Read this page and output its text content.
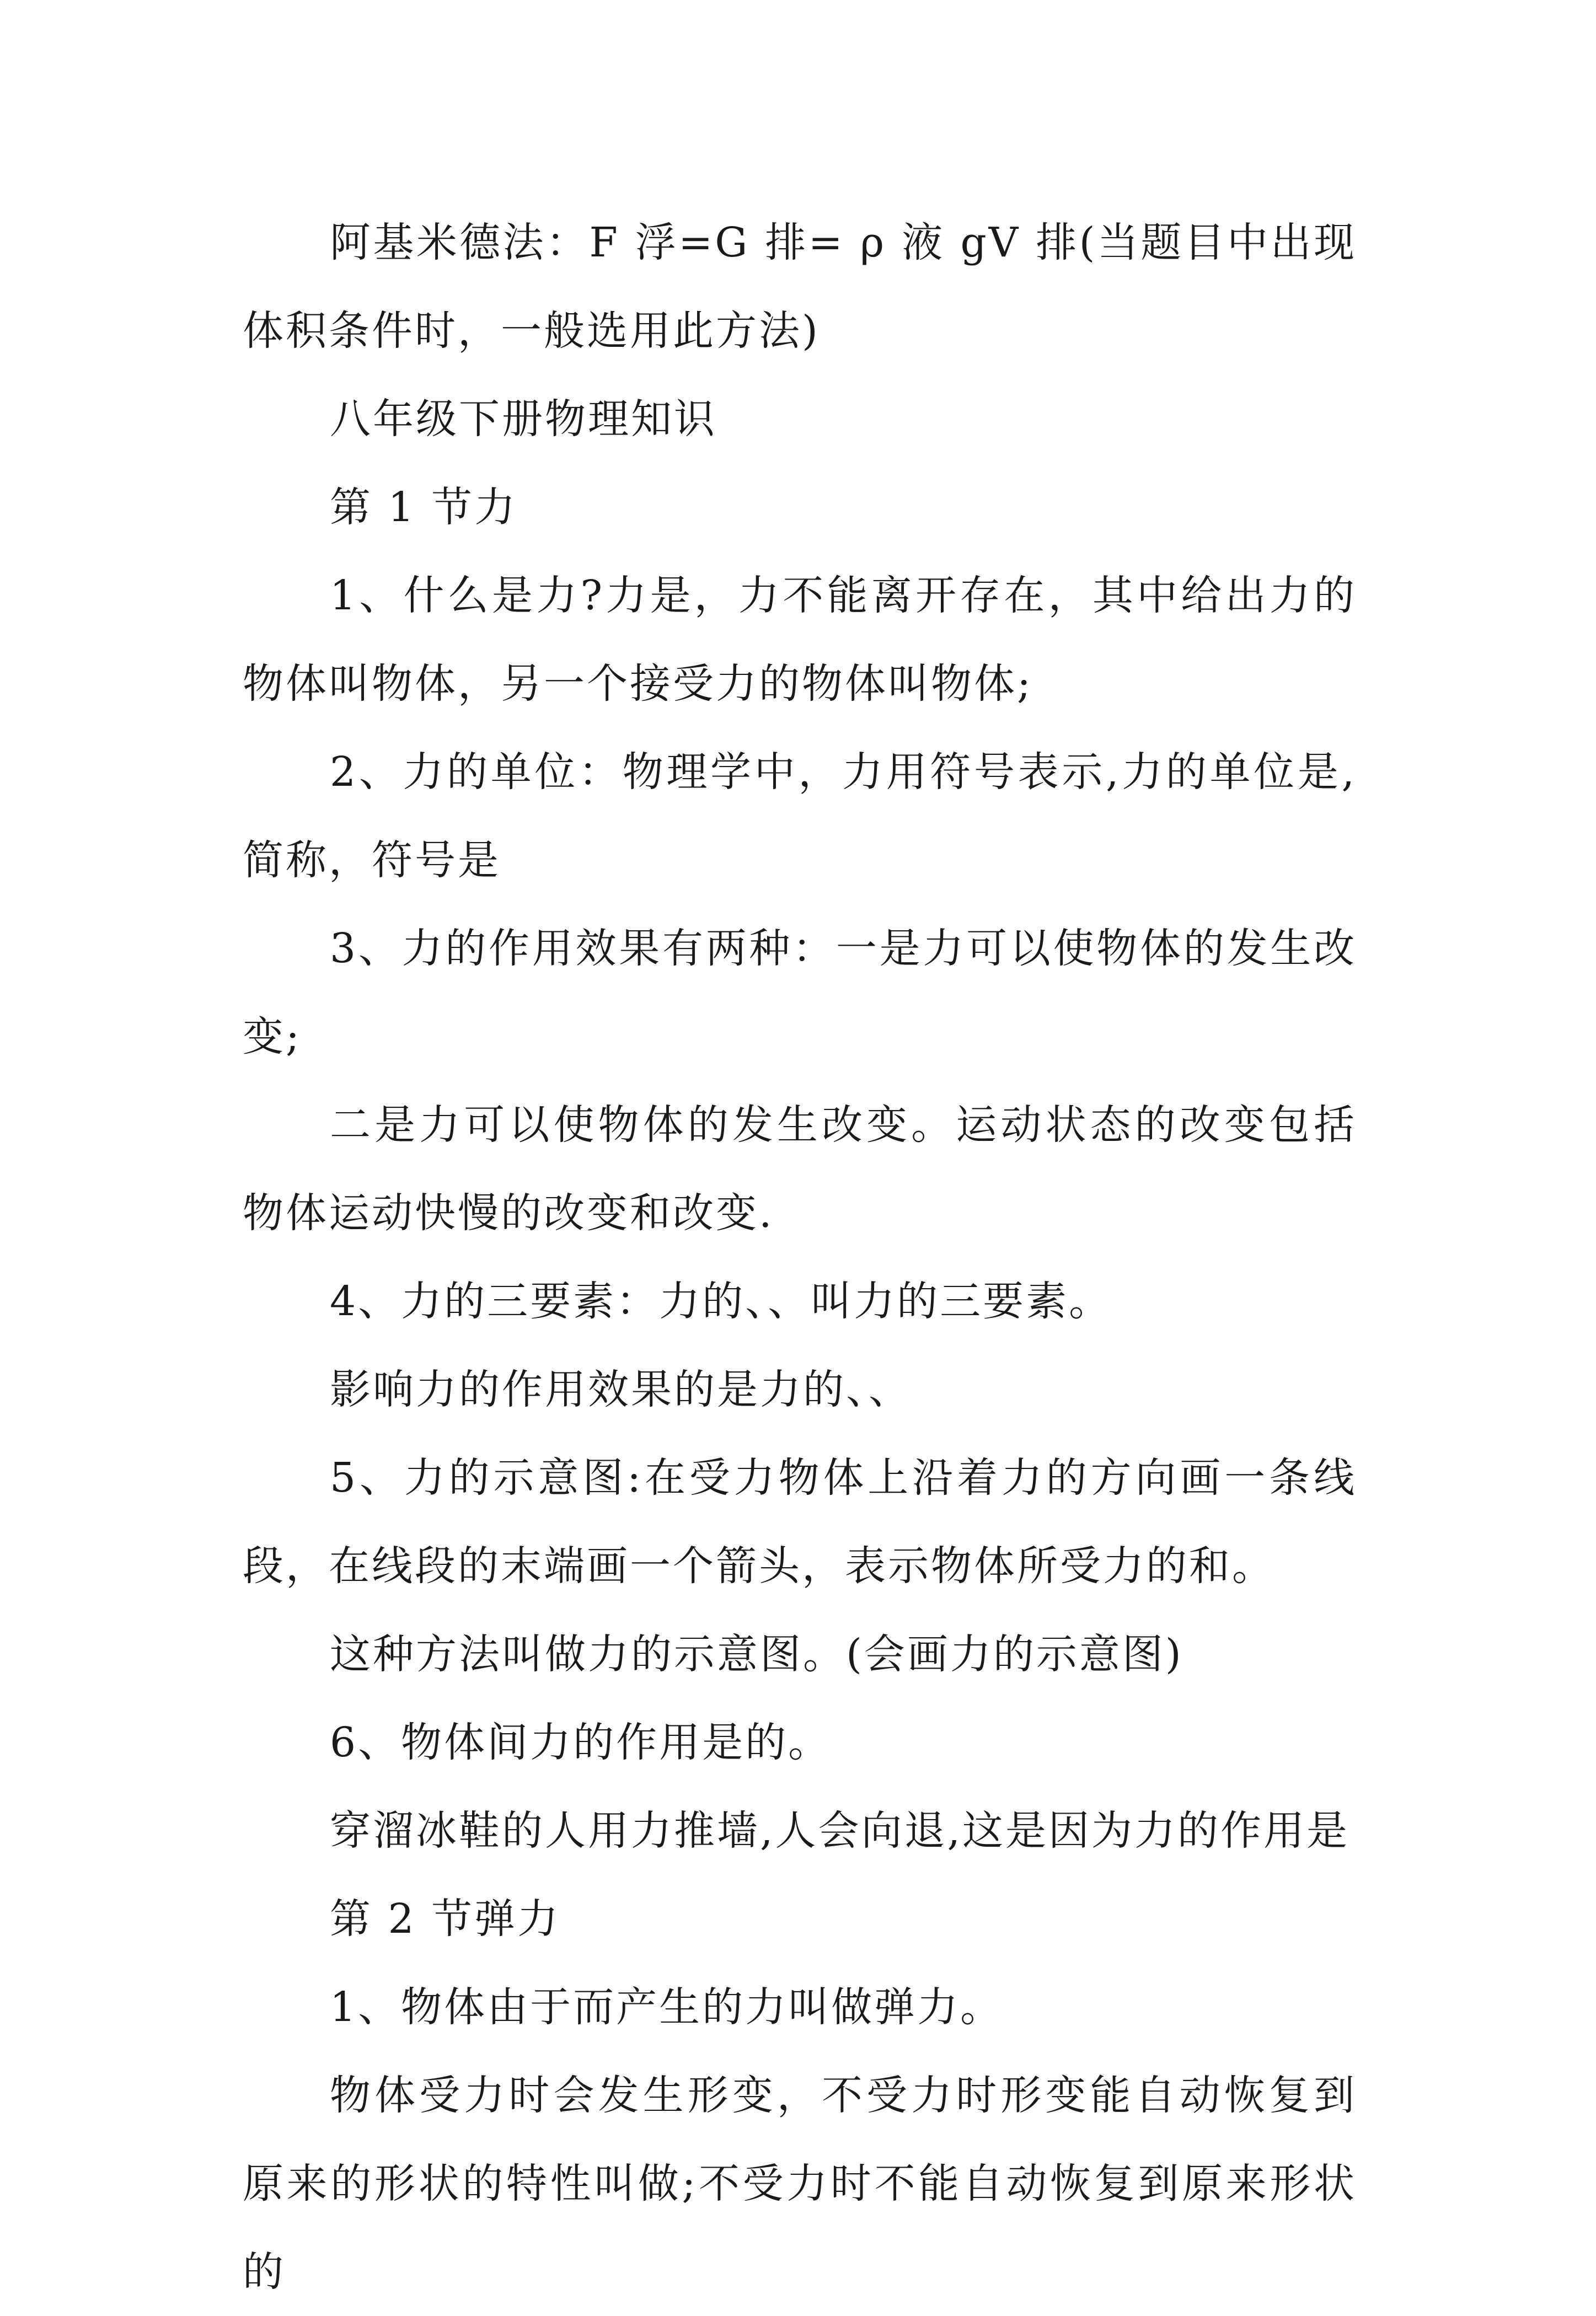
阿基米德法：F 浮=G 排= ρ 液 gV 排(当题目中出现体积条件时，一般选用此方法)

八年级下册物理知识

第 1 节力

1、什么是力?力是，力不能离开存在，其中给出力的物体叫物体，另一个接受力的物体叫物体;

2、力的单位：物理学中，力用符号表示,力的单位是,简称，符号是

3、力的作用效果有两种：一是力可以使物体的发生改变;

二是力可以使物体的发生改变。运动状态的改变包括物体运动快慢的改变和改变.

4、力的三要素：力的、、叫力的三要素。

影响力的作用效果的是力的、、

5、力的示意图:在受力物体上沿着力的方向画一条线段，在线段的末端画一个箭头，表示物体所受力的和。

这种方法叫做力的示意图。(会画力的示意图)

6、物体间力的作用是的。

穿溜冰鞋的人用力推墙,人会向退,这是因为力的作用是

第 2 节弹力

1、物体由于而产生的力叫做弹力。

物体受力时会发生形变，不受力时形变能自动恢复到原来的形状的特性叫做;不受力时不能自动恢复到原来形状的
